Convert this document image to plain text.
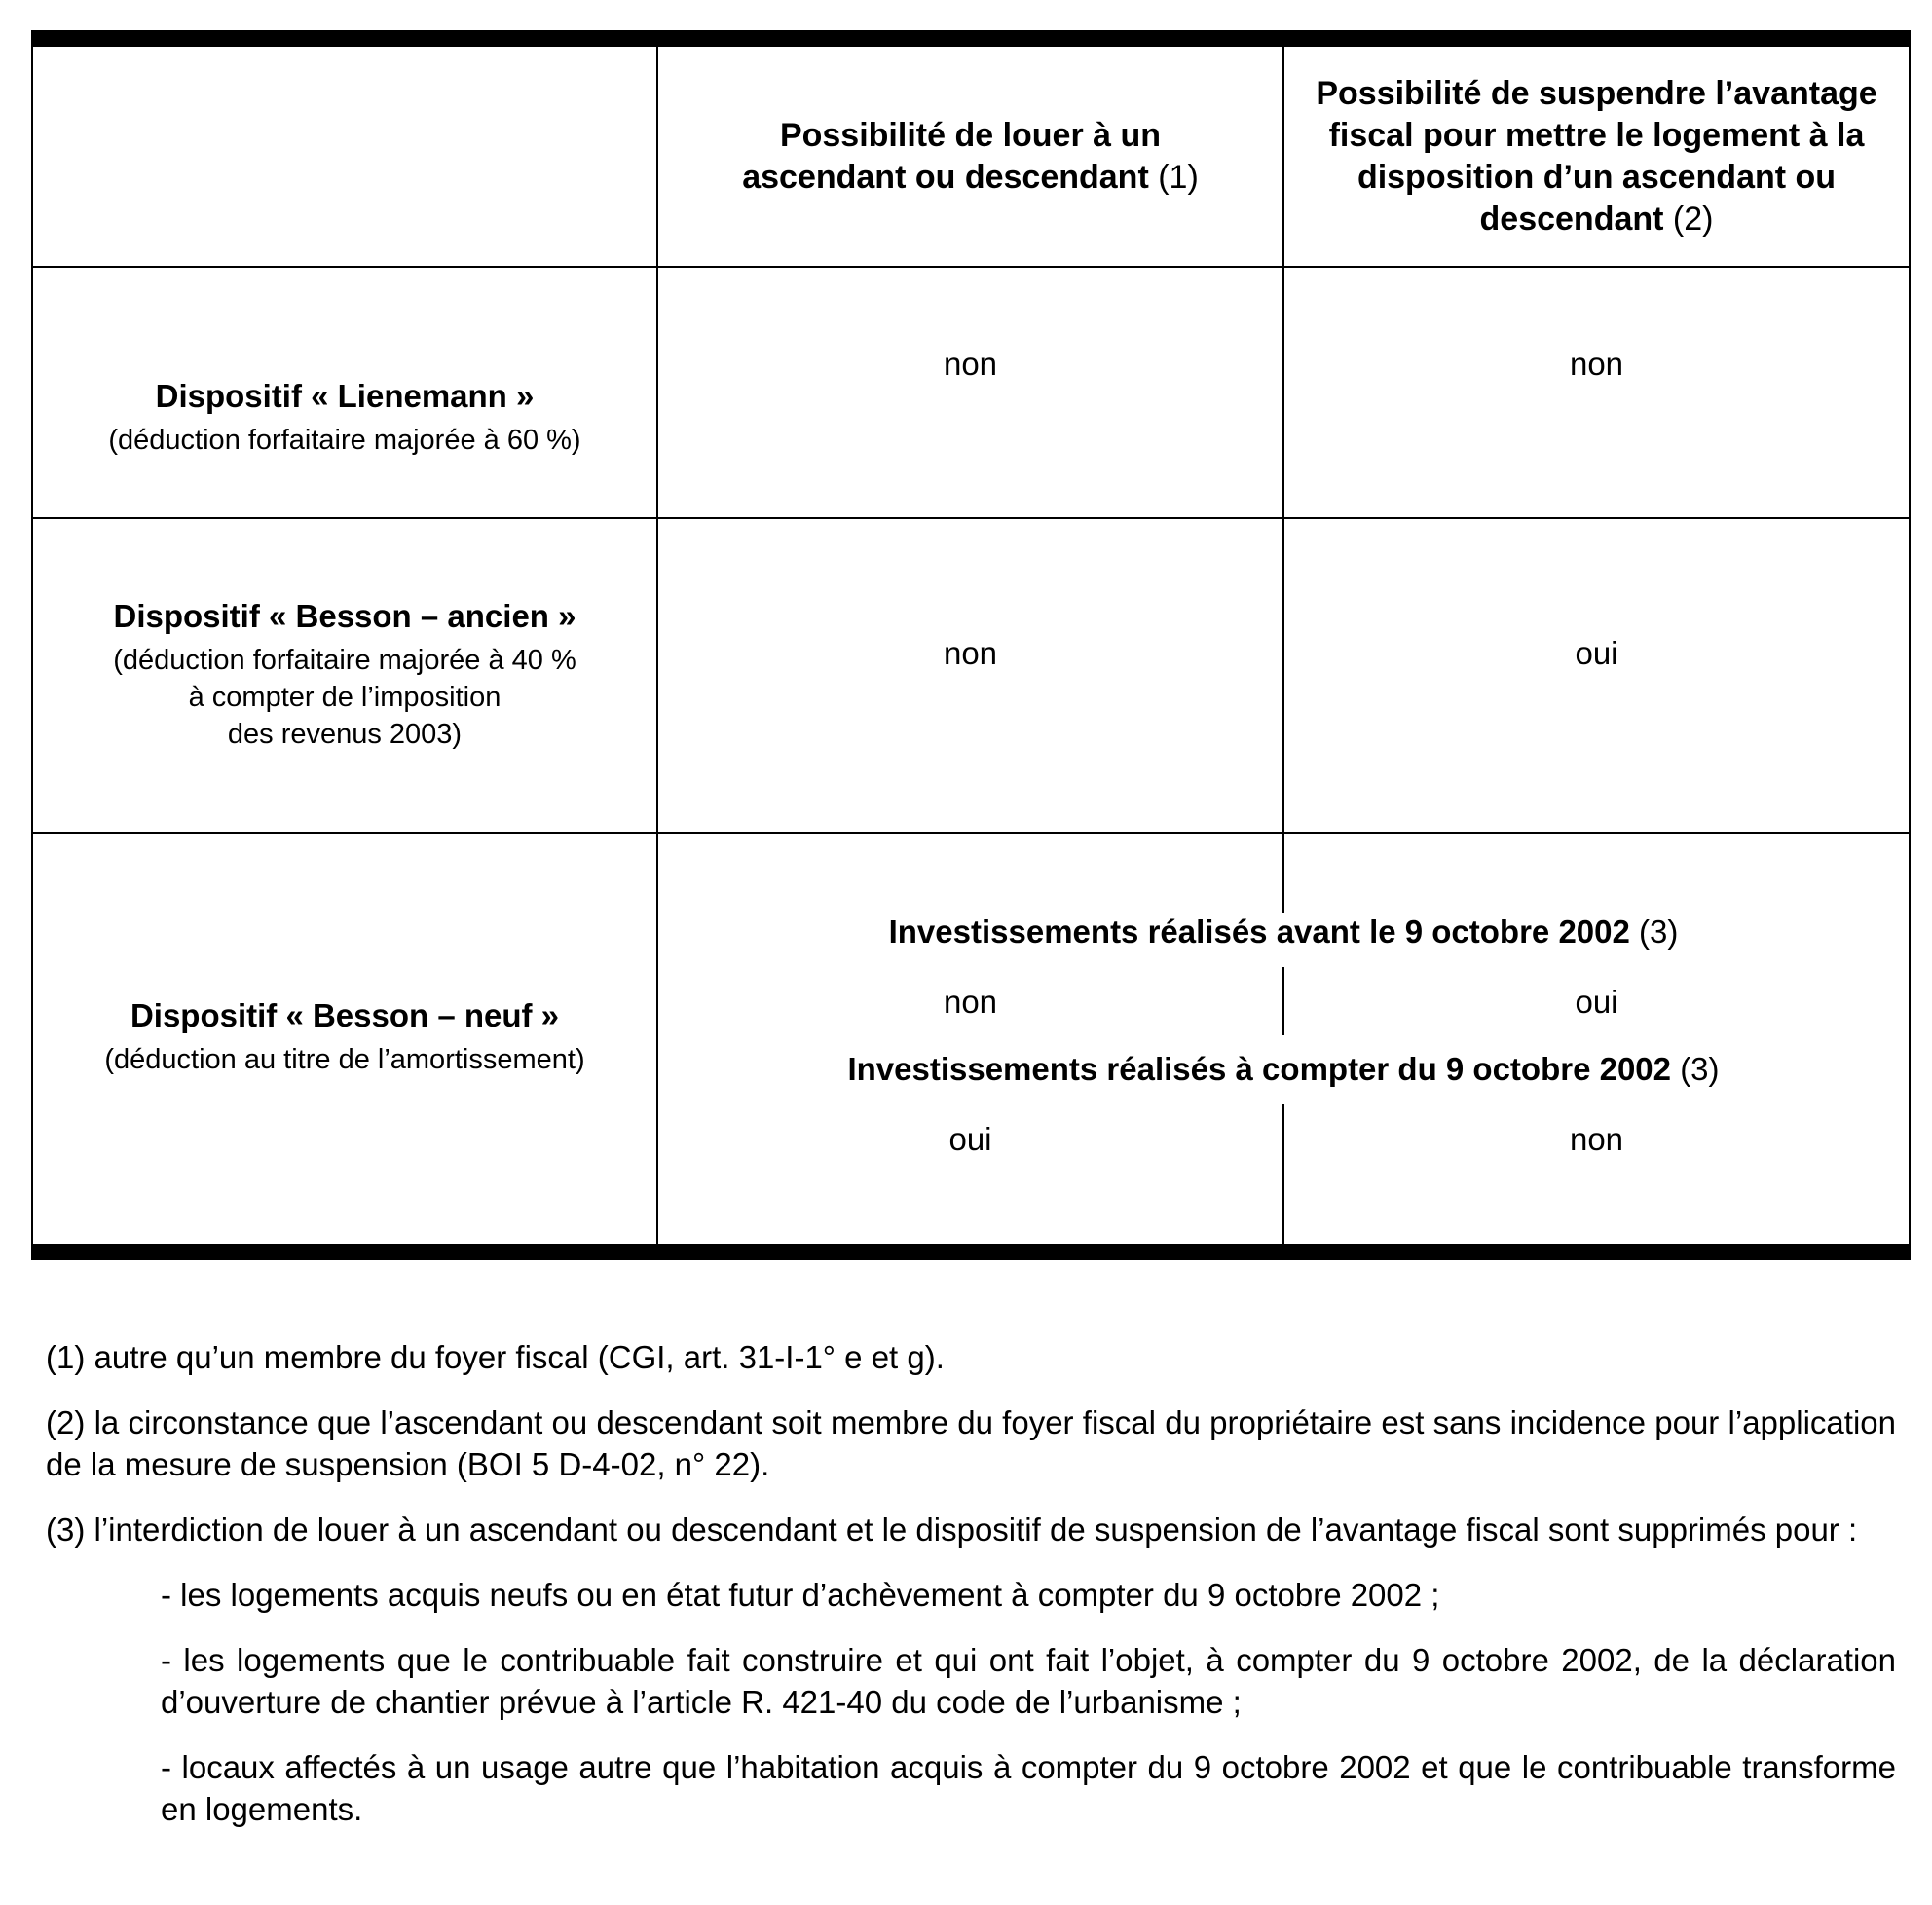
Possibilité de louer à un ascendant ou descendant (1)
Possibilité de suspendre l’avantage fiscal pour mettre le logement à la disposition d’un ascendant ou descendant (2)
Dispositif « Lienemann »
(déduction forfaitaire majorée à 60 %)
non	non
Dispositif « Besson – ancien »
(déduction forfaitaire majorée à 40 %
à compter de l’imposition
des revenus 2003)
non	oui
Dispositif « Besson – neuf »
(déduction au titre de l’amortissement)
Investissements réalisés avant le 9 octobre 2002 (3)
non	oui
Investissements réalisés à compter du 9 octobre 2002 (3)
oui	non

(1) autre qu’un membre du foyer fiscal (CGI, art. 31-I-1° e et g).

(2) la circonstance que l’ascendant ou descendant soit membre du foyer fiscal du propriétaire est sans incidence pour l’application de la mesure de suspension (BOI 5 D-4-02, n° 22).

(3) l’interdiction de louer à un ascendant ou descendant et le dispositif de suspension de l’avantage fiscal sont supprimés pour :

- les logements acquis neufs ou en état futur d’achèvement à compter du 9 octobre 2002 ;

- les logements que le contribuable fait construire et qui ont fait l’objet, à compter du 9 octobre 2002, de la déclaration d’ouverture de chantier prévue à l’article R. 421-40 du code de l’urbanisme ;

- locaux affectés à un usage autre que l’habitation acquis à compter du 9 octobre 2002 et que le contribuable transforme en logements.
